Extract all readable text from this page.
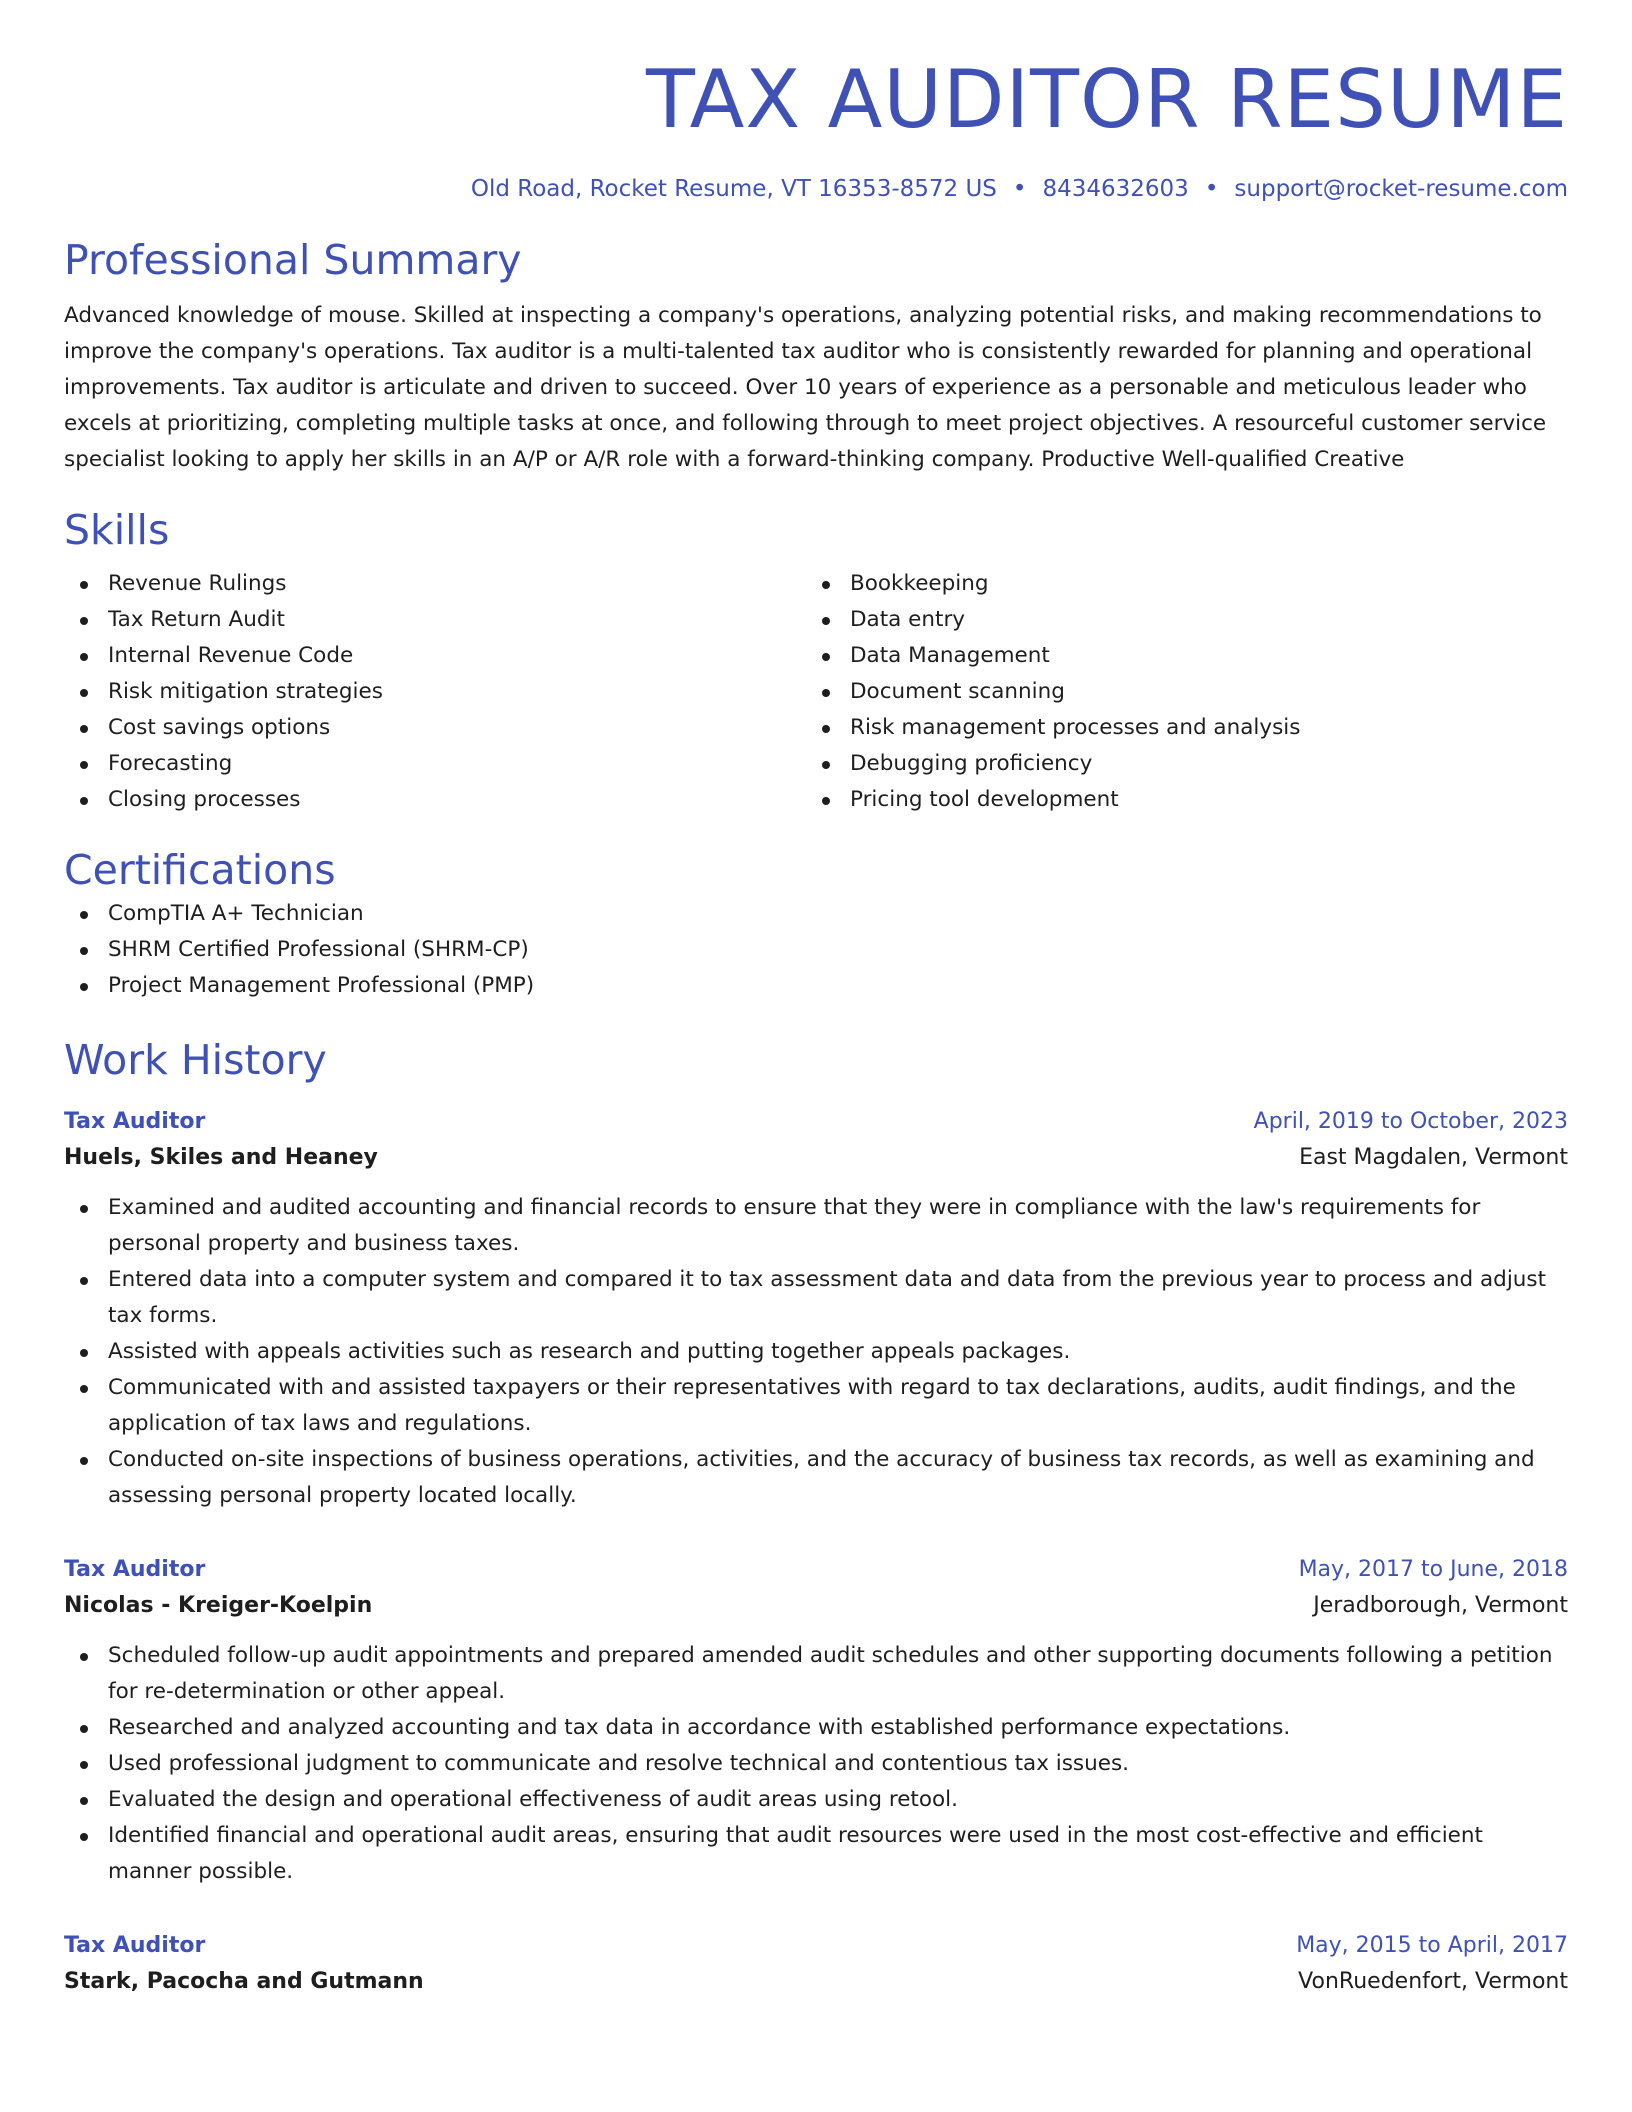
TAX AUDITOR RESUME
Old Road, Rocket Resume, VT 16353-8572 US • 8434632603 • support@rocket-resume.com
Professional Summary

Advanced knowledge of mouse. Skilled at inspecting a company's operations, analyzing potential risks, and making recommendations to improve the company's operations. Tax auditor is a multi-talented tax auditor who is consistently rewarded for planning and operational improvements. Tax auditor is articulate and driven to succeed. Over 10 years of experience as a personable and meticulous leader who excels at prioritizing, completing multiple tasks at once, and following through to meet project objectives. A resourceful customer service specialist looking to apply her skills in an A/P or A/R role with a forward-thinking company. Productive Well-qualified Creative

Skills
Revenue Rulings
Tax Return Audit
Internal Revenue Code
Risk mitigation strategies
Cost savings options
Forecasting
Closing processes
Bookkeeping
Data entry
Data Management
Document scanning
Risk management processes and analysis
Debugging proficiency
Pricing tool development
Certifications
CompTIA A+ Technician
SHRM Certified Professional (SHRM-CP)
Project Management Professional (PMP)
Work History
Tax Auditor	April, 2019 to October, 2023
Huels, Skiles and Heaney	East Magdalen, Vermont
Examined and audited accounting and financial records to ensure that they were in compliance with the law's requirements for personal property and business taxes.
Entered data into a computer system and compared it to tax assessment data and data from the previous year to process and adjust tax forms.
Assisted with appeals activities such as research and putting together appeals packages.
Communicated with and assisted taxpayers or their representatives with regard to tax declarations, audits, audit findings, and the application of tax laws and regulations.
Conducted on-site inspections of business operations, activities, and the accuracy of business tax records, as well as examining and assessing personal property located locally.
Tax Auditor	May, 2017 to June, 2018
Nicolas - Kreiger-Koelpin	Jeradborough, Vermont
Scheduled follow-up audit appointments and prepared amended audit schedules and other supporting documents following a petition for re-determination or other appeal.
Researched and analyzed accounting and tax data in accordance with established performance expectations.
Used professional judgment to communicate and resolve technical and contentious tax issues.
Evaluated the design and operational effectiveness of audit areas using retool.
Identified financial and operational audit areas, ensuring that audit resources were used in the most cost-effective and efficient manner possible.
Tax Auditor	May, 2015 to April, 2017
Stark, Pacocha and Gutmann	VonRuedenfort, Vermont
